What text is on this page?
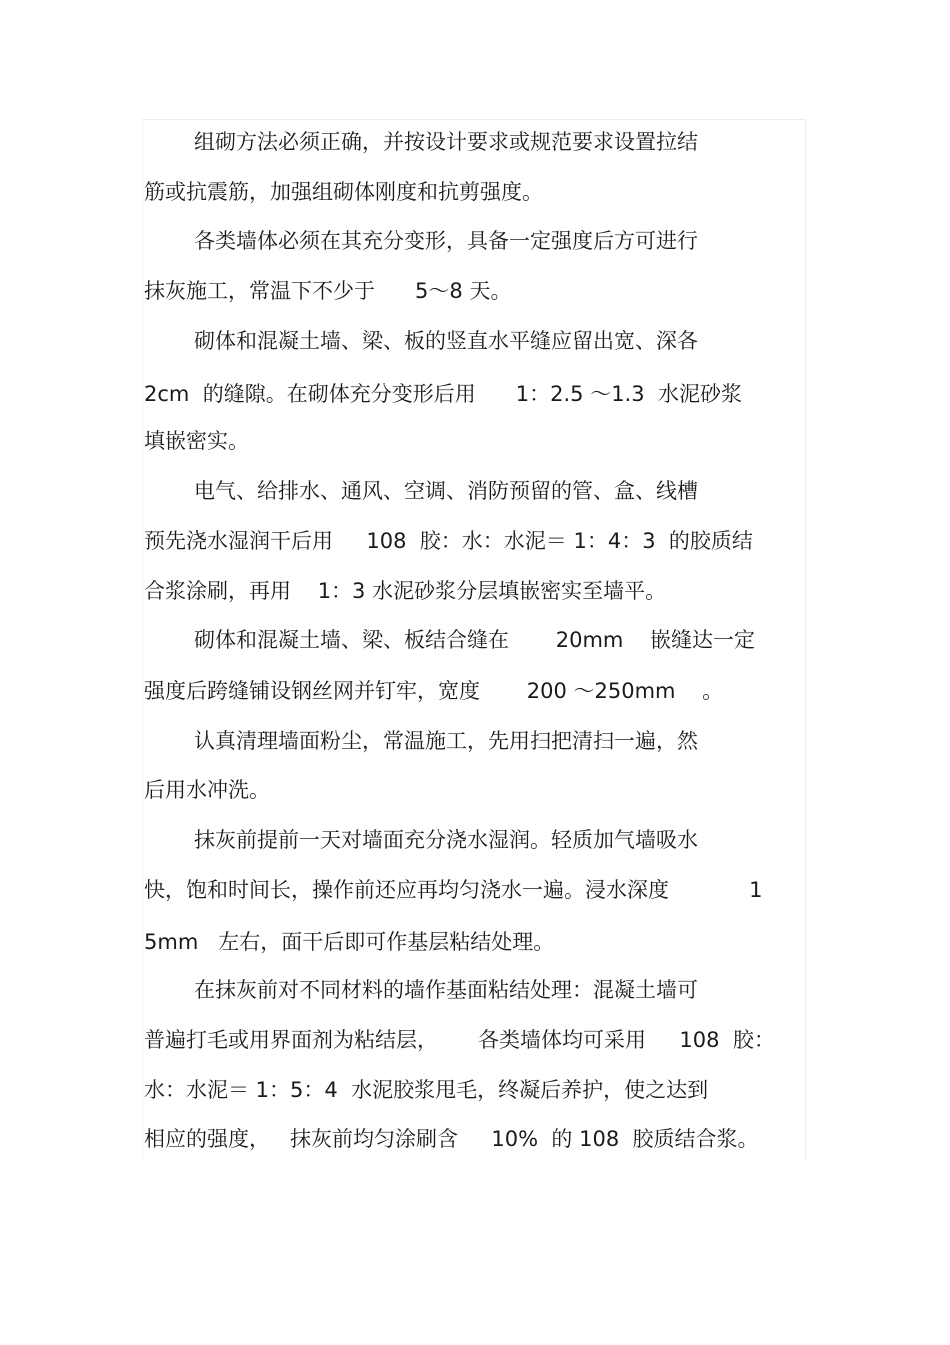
组砌方法必须正确，并按设计要求或规范要求设置拉结
筋或抗震筋，加强组砌体刚度和抗剪强度。
各类墙体必须在其充分变形，具备一定强度后方可进行
抹灰施工，常温下不少于      5～8 天。
砌体和混凝土墙、梁、板的竖直水平缝应留出宽、深各
2cm  的缝隙。在砌体充分变形后用      1：2.5 ～1.3  水泥砂浆
填嵌密实。
电气、给排水、通风、空调、消防预留的管、盒、线槽
预先浇水湿润干后用     108  胶：水：水泥＝ 1：4：3  的胶质结
合浆涂刷，再用    1：3 水泥砂浆分层填嵌密实至墙平。
砌体和混凝土墙、梁、板结合缝在       20mm    嵌缝达一定
强度后跨缝铺设钢丝网并钉牢，宽度       200 ～250mm    。
认真清理墙面粉尘，常温施工，先用扫把清扫一遍，然
后用水冲洗。
抹灰前提前一天对墙面充分浇水湿润。轻质加气墙吸水
快，饱和时间长，操作前还应再均匀浇水一遍。浸水深度            1
5mm   左右，面干后即可作基层粘结处理。
在抹灰前对不同材料的墙作基面粘结处理：混凝土墙可
普遍打毛或用界面剂为粘结层，      各类墙体均可采用     108  胶：
水：水泥＝ 1：5：4  水泥胶浆甩毛，终凝后养护，使之达到
相应的强度，   抹灰前均匀涂刷含     10%  的 108  胶质结合浆。
